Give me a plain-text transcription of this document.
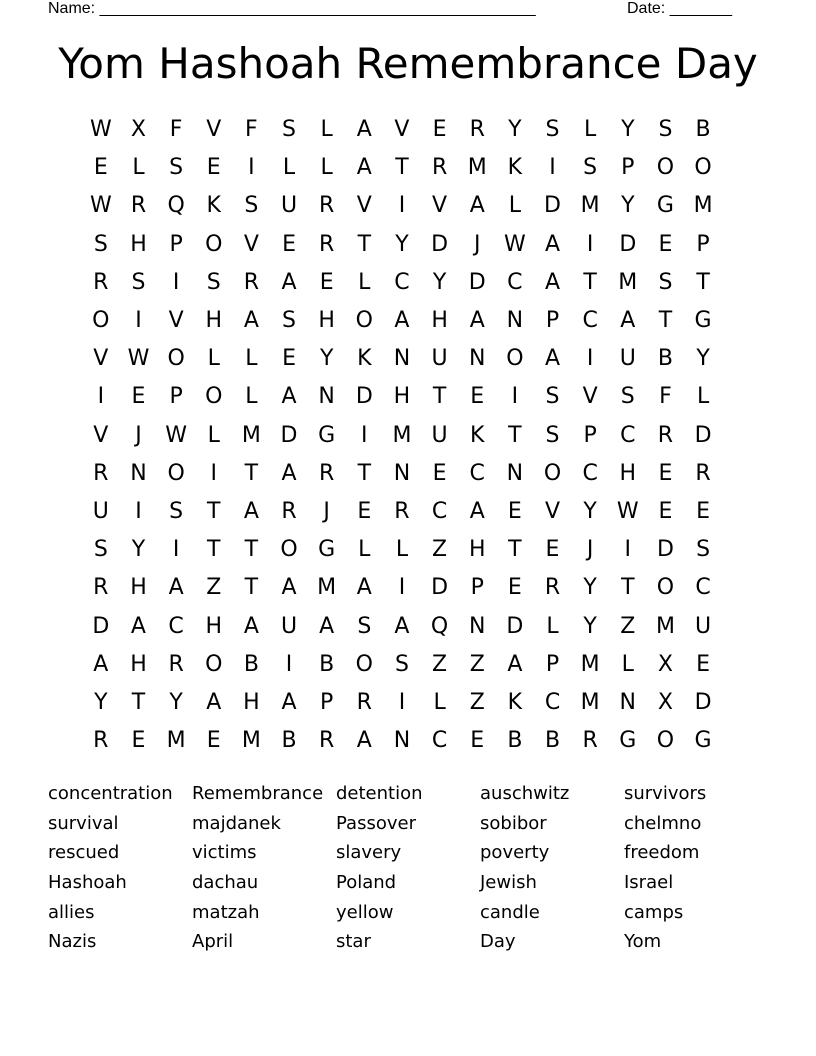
Name: _________________________________________________	Date: _______
Yom Hashoah Remembrance Day
W X	F	V	F	S	L	A	V	E	R	Y	S	L	Y	S	B
E	L	S	E	I	L	L	A	T	R M K	I	S	P	O O
W R Q K	S	U R	V	I	V	A	L	D M Y	G M
S	H	P	O V	E	R	T	Y	D	J	W A	I	D	E	P
R	S	I	S	R	A	E	L	C	Y	D C	A	T M S	T
O	I	V H A	S	H O A H A N	P	C	A	T	G
V W O	L	L	E	Y	K	N U N O A	I	U	B	Y
I	E	P	O	L	A N D H	T	E	I	S	V	S	F	L
V	J	W L	M D G	I	M U	K	T	S	P	C	R D
R N O	I	T	A	R	T	N	E	C N O C H	E	R
U	I	S	T	A	R	J	E	R	C	A	E	V	Y W E	E
S	Y	I	T	T	O G	L	L	Z H	T	E	J	I	D	S
R H A	Z	T	A M A	I	D	P	E	R	Y	T	O C
D A	C H A	U	A	S	A Q N D	L	Y	Z M U
A H R O B	I	B O S	Z	Z	A	P M	L	X	E
Y	T	Y	A H A	P	R	I	L	Z	K	C M N X D
R	E M E M B	R	A N C	E	B	B	R G O G
concentration	Remembrance detention	auschwitz	survivors
survival	majdanek	Passover	sobibor	chelmno
rescued	victims	slavery	poverty	freedom
Hashoah	dachau	Poland	Jewish	Israel
allies	matzah	yellow	candle	camps
Nazis	April	star	Day	Yom
